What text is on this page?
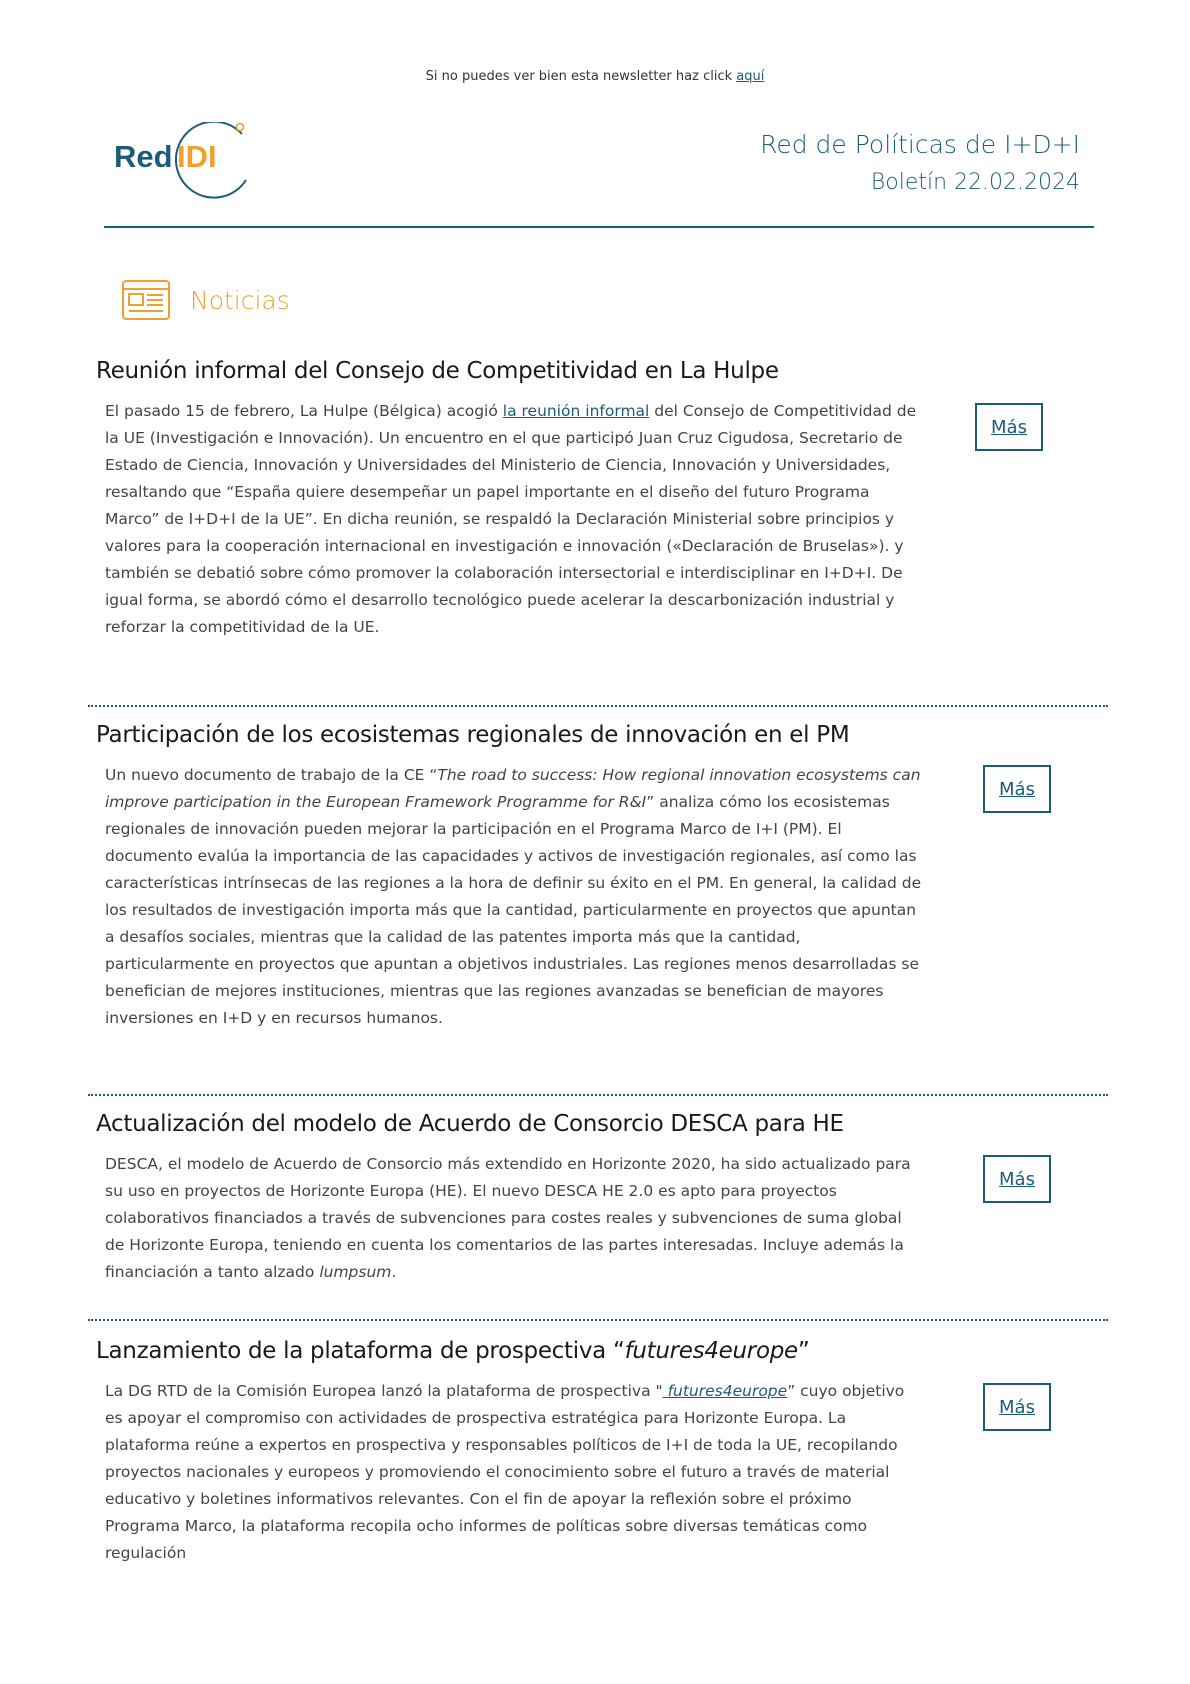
Si no puedes ver bien esta newsletter haz click aquí
Red IDI	Red de Políticas de I+D+I
Boletín 22.02.2024
Noticias
Reunión informal del Consejo de Competitividad en La Hulpe

El pasado 15 de febrero, La Hulpe (Bélgica) acogió la reunión informal del Consejo de Competitividad de la UE (Investigación e Innovación). Un encuentro en el que participó Juan Cruz Cigudosa, Secretario de Estado de Ciencia, Innovación y Universidades del Ministerio de Ciencia, Innovación y Universidades, resaltando que “España quiere desempeñar un papel importante en el diseño del futuro Programa Marco” de I+D+I de la UE”. En dicha reunión, se respaldó la Declaración Ministerial sobre principios y valores para la cooperación internacional en investigación e innovación («Declaración de Bruselas»). y también se debatió sobre cómo promover la colaboración intersectorial e interdisciplinar en I+D+I. De igual forma, se abordó cómo el desarrollo tecnológico puede acelerar la descarbonización industrial y reforzar la competitividad de la UE.

Más
Participación de los ecosistemas regionales de innovación en el PM

Un nuevo documento de trabajo de la CE “The road to success: How regional innovation ecosystems can improve participation in the European Framework Programme for R&I” analiza cómo los ecosistemas regionales de innovación pueden mejorar la participación en el Programa Marco de I+I (PM). El documento evalúa la importancia de las capacidades y activos de investigación regionales, así como las características intrínsecas de las regiones a la hora de definir su éxito en el PM. En general, la calidad de los resultados de investigación importa más que la cantidad, particularmente en proyectos que apuntan a desafíos sociales, mientras que la calidad de las patentes importa más que la cantidad, particularmente en proyectos que apuntan a objetivos industriales. Las regiones menos desarrolladas se benefician de mejores instituciones, mientras que las regiones avanzadas se benefician de mayores inversiones en I+D y en recursos humanos.

Más
Actualización del modelo de Acuerdo de Consorcio DESCA para HE

DESCA, el modelo de Acuerdo de Consorcio más extendido en Horizonte 2020, ha sido actualizado para su uso en proyectos de Horizonte Europa (HE). El nuevo DESCA HE 2.0 es apto para proyectos colaborativos financiados a través de subvenciones para costes reales y subvenciones de suma global de Horizonte Europa, teniendo en cuenta los comentarios de las partes interesadas. Incluye además la financiación a tanto alzado lumpsum.

Más
Lanzamiento de la plataforma de prospectiva “futures4europe”

La DG RTD de la Comisión Europea lanzó la plataforma de prospectiva " futures4europe” cuyo objetivo es apoyar el compromiso con actividades de prospectiva estratégica para Horizonte Europa. La plataforma reúne a expertos en prospectiva y responsables políticos de I+I de toda la UE, recopilando proyectos nacionales y europeos y promoviendo el conocimiento sobre el futuro a través de material educativo y boletines informativos relevantes. Con el fin de apoyar la reflexión sobre el próximo Programa Marco, la plataforma recopila ocho informes de políticas sobre diversas temáticas como regulación

Más
